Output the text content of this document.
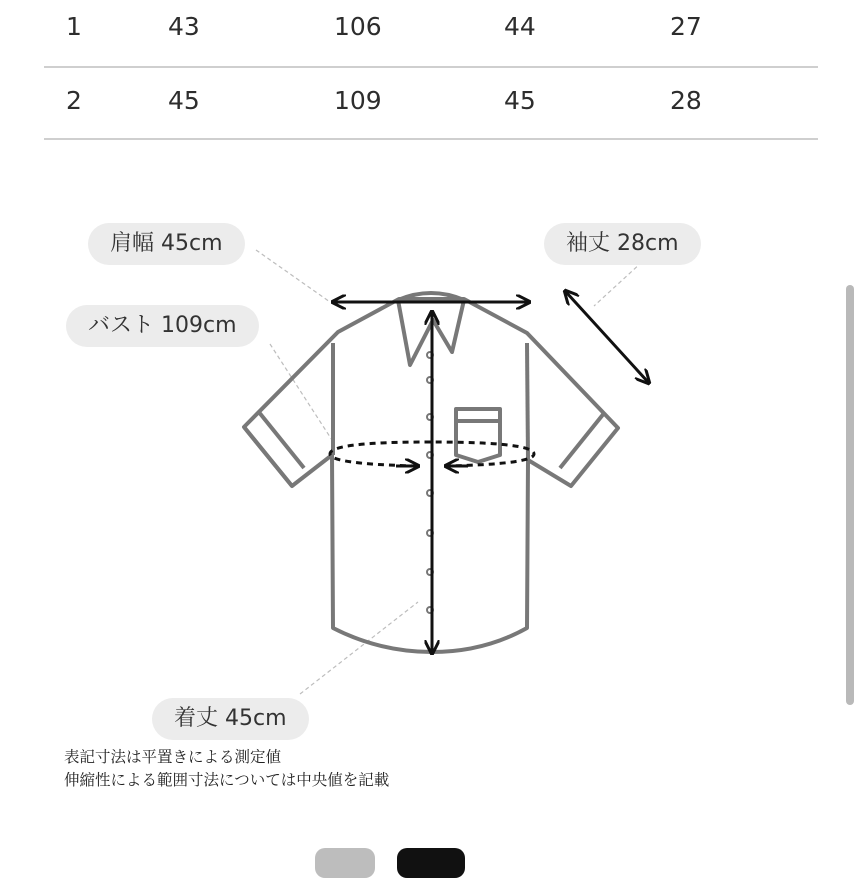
1	43	106	44	27
2	45	109	45	28
肩幅 45cm	袖丈 28cm
バスト 109cm
着丈 45cm
表記寸法は平置きによる測定値
伸縮性による範囲寸法については中央値を記載
